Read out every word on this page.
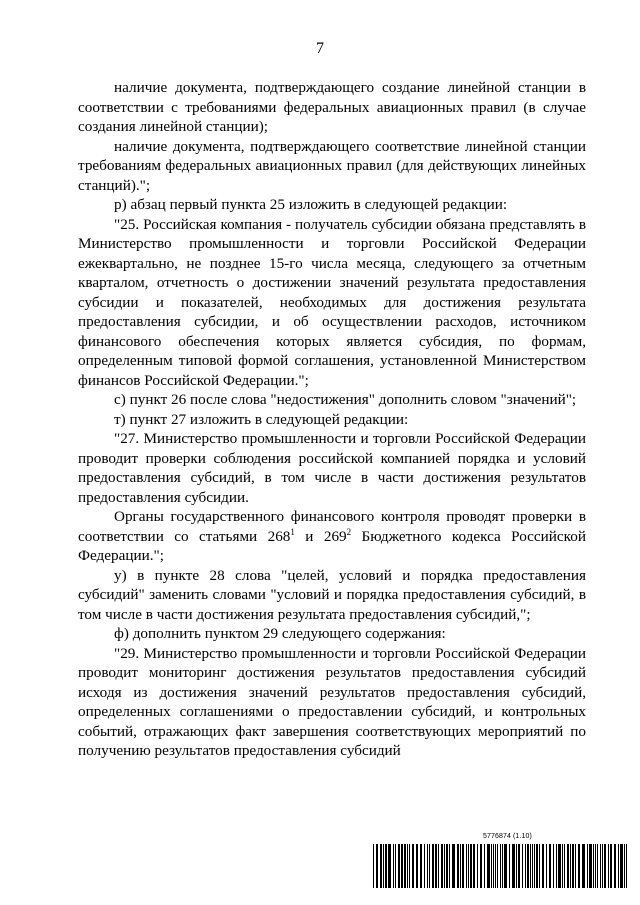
7

наличие документа, подтверждающего создание линейной станции в соответствии с требованиями федеральных авиационных правил (в случае создания линейной станции);

наличие документа, подтверждающего соответствие линейной станции требованиям федеральных авиационных правил (для действующих линейных станций).";

р) абзац первый пункта 25 изложить в следующей редакции:

"25. Российская компания - получатель субсидии обязана представлять в Министерство промышленности и торговли Российской Федерации ежеквартально, не позднее 15-го числа месяца, следующего за отчетным кварталом, отчетность о достижении значений результата предоставления субсидии и показателей, необходимых для достижения результата предоставления субсидии, и об осуществлении расходов, источником финансового обеспечения которых является субсидия, по формам, определенным типовой формой соглашения, установленной Министерством финансов Российской Федерации.";

с) пункт 26 после слова "недостижения" дополнить словом "значений";

т) пункт 27 изложить в следующей редакции:

"27. Министерство промышленности и торговли Российской Федерации проводит проверки соблюдения российской компанией порядка и условий предоставления субсидий, в том числе в части достижения результатов предоставления субсидии.

Органы государственного финансового контроля проводят проверки в соответствии со статьями $268^1$ и $269^2$ Бюджетного кодекса Российской Федерации.";

у) в пункте 28 слова "целей, условий и порядка предоставления субсидий" заменить словами "условий и порядка предоставления субсидий, в том числе в части достижения результата предоставления субсидий,";

ф) дополнить пунктом 29 следующего содержания:

"29. Министерство промышленности и торговли Российской Федерации проводит мониторинг достижения результатов предоставления субсидий исходя из достижения значений результатов предоставления субсидий, определенных соглашениями о предоставлении субсидий, и контрольных событий, отражающих факт завершения соответствующих мероприятий по получению результатов предоставления субсидий

5776874 (1.10)
